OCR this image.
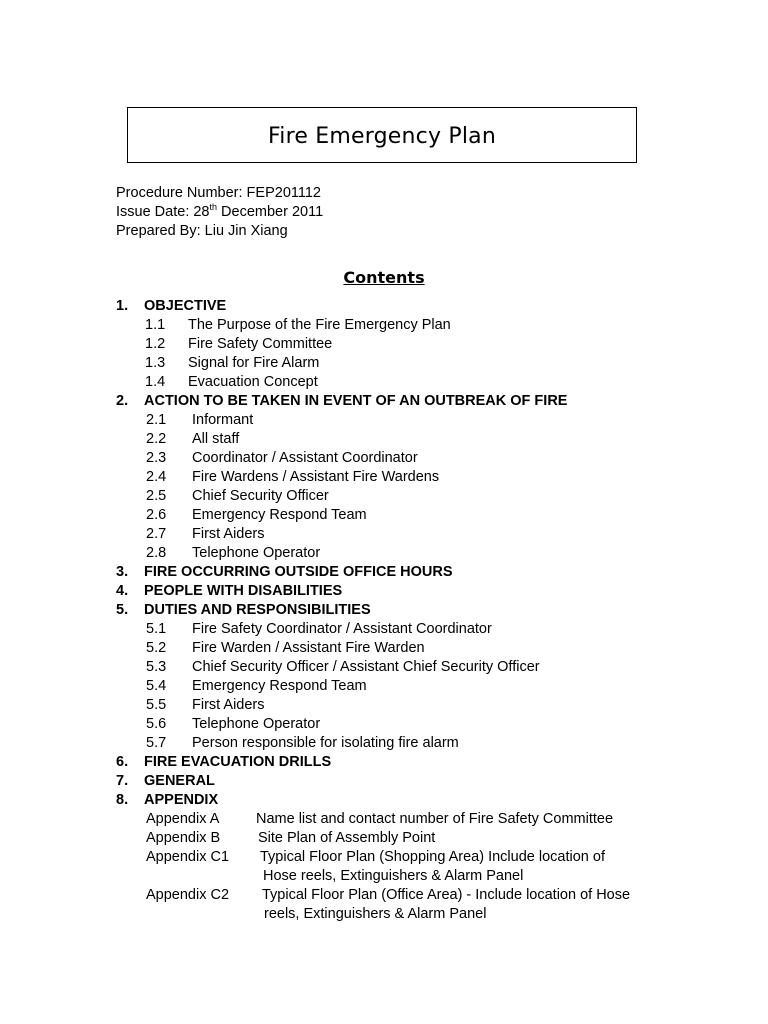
Fire Emergency Plan
Procedure Number: FEP201112
Issue Date: 28th December 2011
Prepared By: Liu Jin Xiang
Contents
1.	OBJECTIVE
1.1	The Purpose of the Fire Emergency Plan
1.2	Fire Safety Committee
1.3	Signal for Fire Alarm
1.4	Evacuation Concept
2.	ACTION TO BE TAKEN IN EVENT OF AN OUTBREAK OF FIRE
2.1	Informant
2.2	All staff
2.3	Coordinator / Assistant Coordinator
2.4	Fire Wardens / Assistant Fire Wardens
2.5	Chief Security Officer
2.6	Emergency Respond Team
2.7	First Aiders
2.8	Telephone Operator
3.	FIRE OCCURRING OUTSIDE OFFICE HOURS
4.	PEOPLE WITH DISABILITIES
5.	DUTIES AND RESPONSIBILITIES
5.1	Fire Safety Coordinator / Assistant Coordinator
5.2	Fire Warden / Assistant Fire Warden
5.3	Chief Security Officer / Assistant Chief Security Officer
5.4	Emergency Respond Team
5.5	First Aiders
5.6	Telephone Operator
5.7	Person responsible for isolating fire alarm
6.	FIRE EVACUATION DRILLS
7.	GENERAL
8.	APPENDIX
Appendix A	Name list and contact number of Fire Safety Committee
Appendix B	Site Plan of Assembly Point
Appendix C1	Typical Floor Plan (Shopping Area) Include location of
Hose reels, Extinguishers & Alarm Panel
Appendix C2	Typical Floor Plan (Office Area) - Include location of Hose
reels, Extinguishers & Alarm Panel
